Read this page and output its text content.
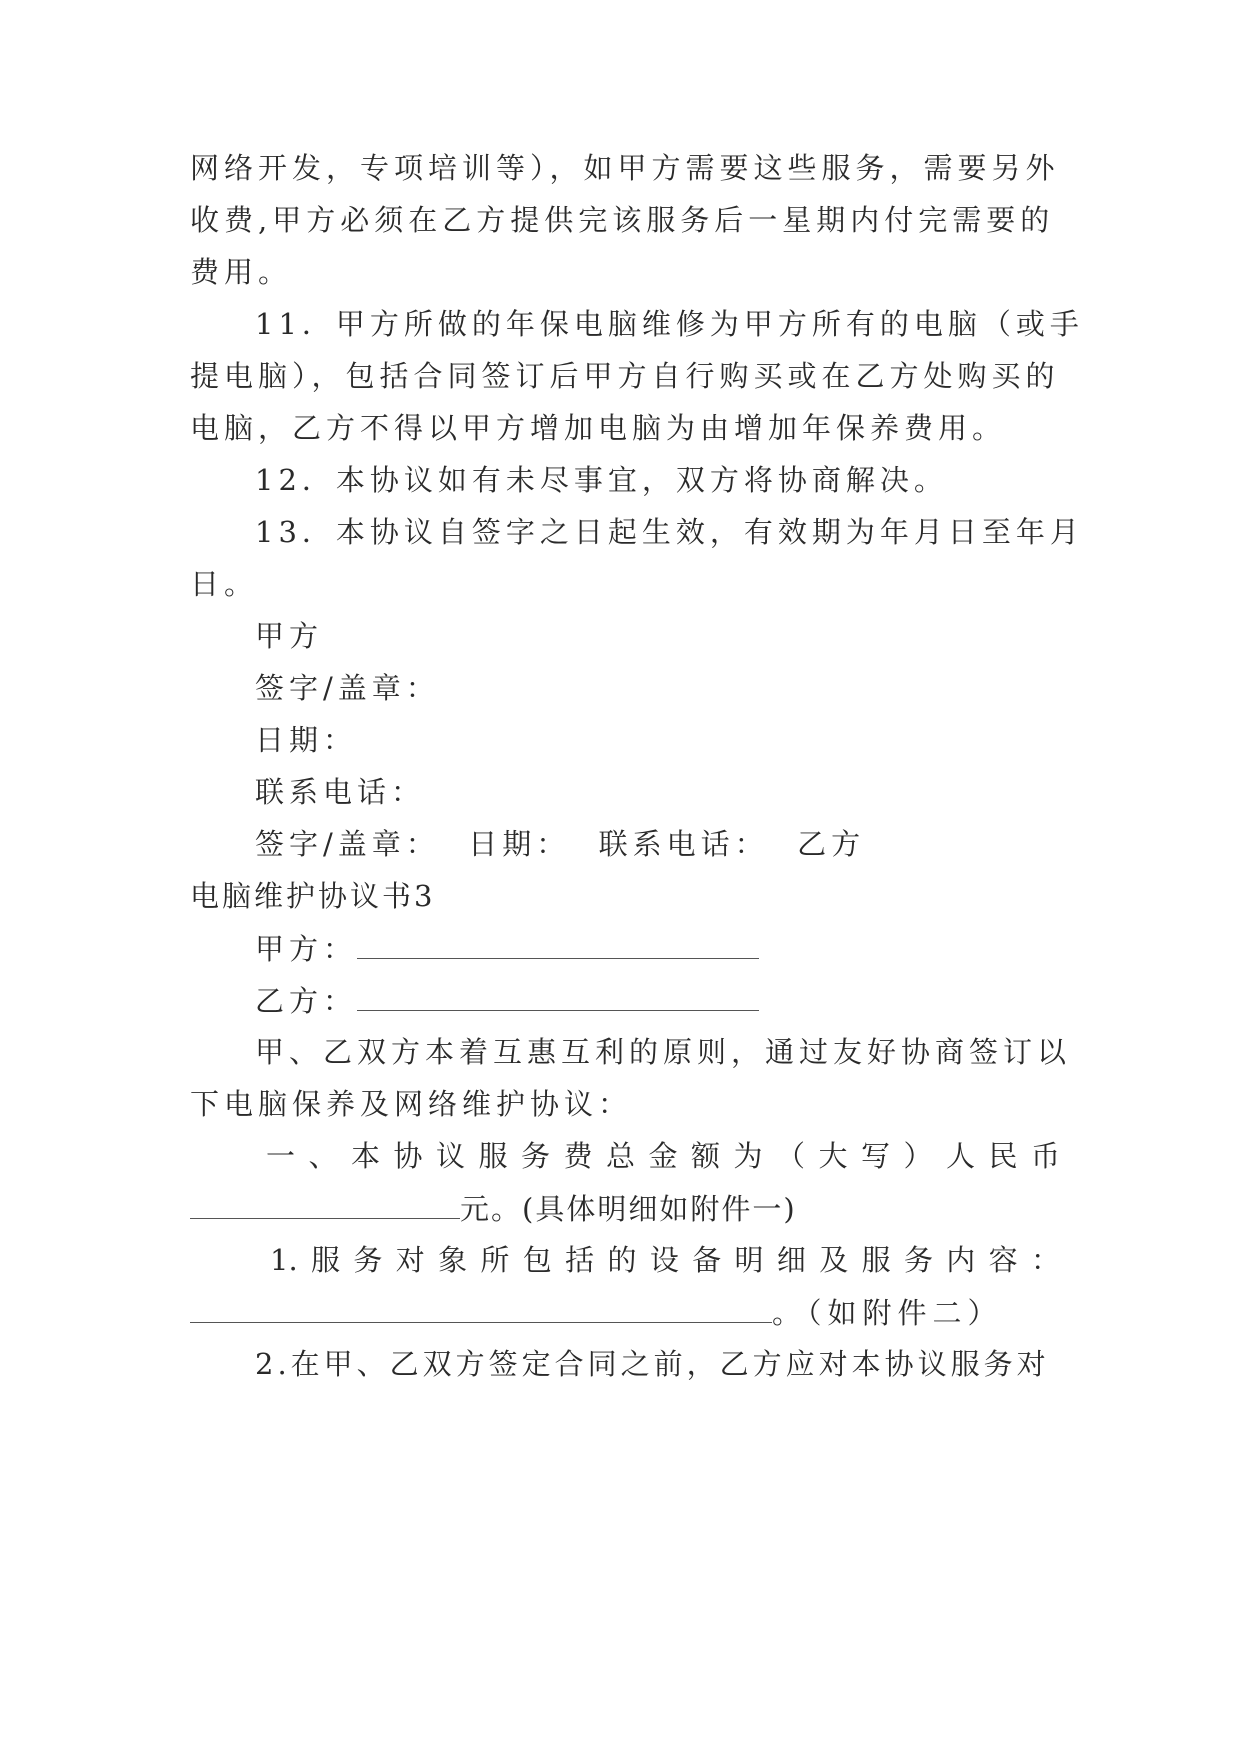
网络开发，专项培训等），如甲方需要这些服务，需要另外
收费,甲方必须在乙方提供完该服务后一星期内付完需要的
费用。
11．甲方所做的年保电脑维修为甲方所有的电脑（或手
提电脑），包括合同签订后甲方自行购买或在乙方处购买的
电脑，乙方不得以甲方增加电脑为由增加年保养费用。
12．本协议如有未尽事宜，双方将协商解决。
13．本协议自签字之日起生效，有效期为年月日至年月
日。
甲方
签字/盖章：
日期：
联系电话：
签字/盖章：  日期：  联系电话：  乙方
电脑维护协议书3
甲方：
乙方：
甲、乙双方本着互惠互利的原则，通过友好协商签订以
下电脑保养及网络维护协议：
一、本协议服务费总金额为（大写）人民币
元。(具体明细如附件一)
1.服务对象所包括的设备明细及服务内容：
。（如附件二）
2.在甲、乙双方签定合同之前，乙方应对本协议服务对
